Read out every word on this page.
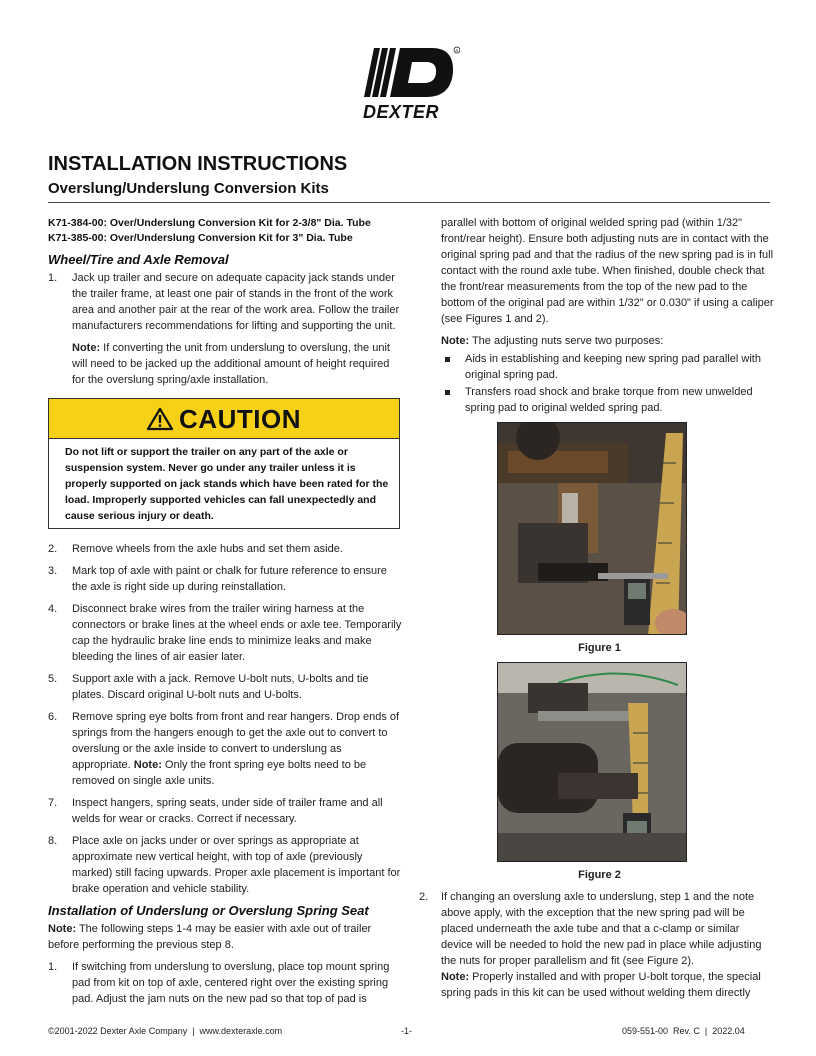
R
DEXTER
INSTALLATION INSTRUCTIONS
Overslung/Underslung Conversion Kits
K71-384-00: Over/Underslung Conversion Kit for 2-3/8" Dia. Tube
K71-385-00: Over/Underslung Conversion Kit for 3" Dia. Tube
Wheel/Tire and Axle Removal
1.	Jack up trailer and secure on adequate capacity jack stands under the trailer frame, at least one pair of stands in the front of the work area and another pair at the rear of the work area. Follow the trailer manufacturers recommendations for lifting and supporting the unit.
Note: If converting the unit from underslung to overslung, the unit will need to be jacked up the additional amount of height required for the overslung spring/axle installation.
CAUTION
Do not lift or support the trailer on any part of the axle or suspension system. Never go under any trailer unless it is properly supported on jack stands which have been rated for the load. Improperly supported vehicles can fall unexpectedly and cause serious injury or death.
2.	Remove wheels from the axle hubs and set them aside.
3.	Mark top of axle with paint or chalk for future reference to ensure the axle is right side up during reinstallation.
4.	Disconnect brake wires from the trailer wiring harness at the connectors or brake lines at the wheel ends or axle tee. Temporarily cap the hydraulic brake line ends to minimize leaks and make bleeding the lines of air easier later.
5.	Support axle with a jack. Remove U-bolt nuts, U-bolts and tie plates. Discard original U-bolt nuts and U-bolts.
6.	Remove spring eye bolts from front and rear hangers. Drop ends of springs from the hangers enough to get the axle out to convert to overslung or the axle inside to convert to underslung as appropriate. Note: Only the front spring eye bolts need to be removed on single axle units.
7.	Inspect hangers, spring seats, under side of trailer frame and all welds for wear or cracks. Correct if necessary.
8.	Place axle on jacks under or over springs as appropriate at approximate new vertical height, with top of axle (previously marked) still facing upwards. Proper axle placement is important for brake operation and vehicle stability.
Installation of Underslung or Overslung Spring Seat
Note: The following steps 1-4 may be easier with axle out of trailer before performing the previous step 8.
1.	If switching from underslung to overslung, place top mount spring pad from kit on top of axle, centered right over the existing spring pad. Adjust the jam nuts on the new pad so that top of pad is
parallel with bottom of original welded spring pad (within 1/32" front/rear height). Ensure both adjusting nuts are in contact with the original spring pad and that the radius of the new spring pad is in full contact with the round axle tube. When finished, double check that the front/rear measurements from the top of the new pad to the bottom of the original pad are within 1/32" or 0.030" if using a caliper (see Figures 1 and 2).
Note: The adjusting nuts serve two purposes:
Aids in establishing and keeping new spring pad parallel with original spring pad.
Transfers road shock and brake torque from new unwelded spring pad to original welded spring pad.
Figure 1
Figure 2
2.	If changing an overslung axle to underslung, step 1 and the note above apply, with the exception that the new spring pad will be placed underneath the axle tube and that a c-clamp or similar device will be needed to hold the new pad in place while adjusting the nuts for proper parallelism and fit (see Figure 2).
Note: Properly installed and with proper U-bolt torque, the special spring pads in this kit can be used without welding them directly
©2001-2022 Dexter Axle Company  |  www.dexteraxle.com	-1-	059-551-00  Rev. C  |  2022.04
